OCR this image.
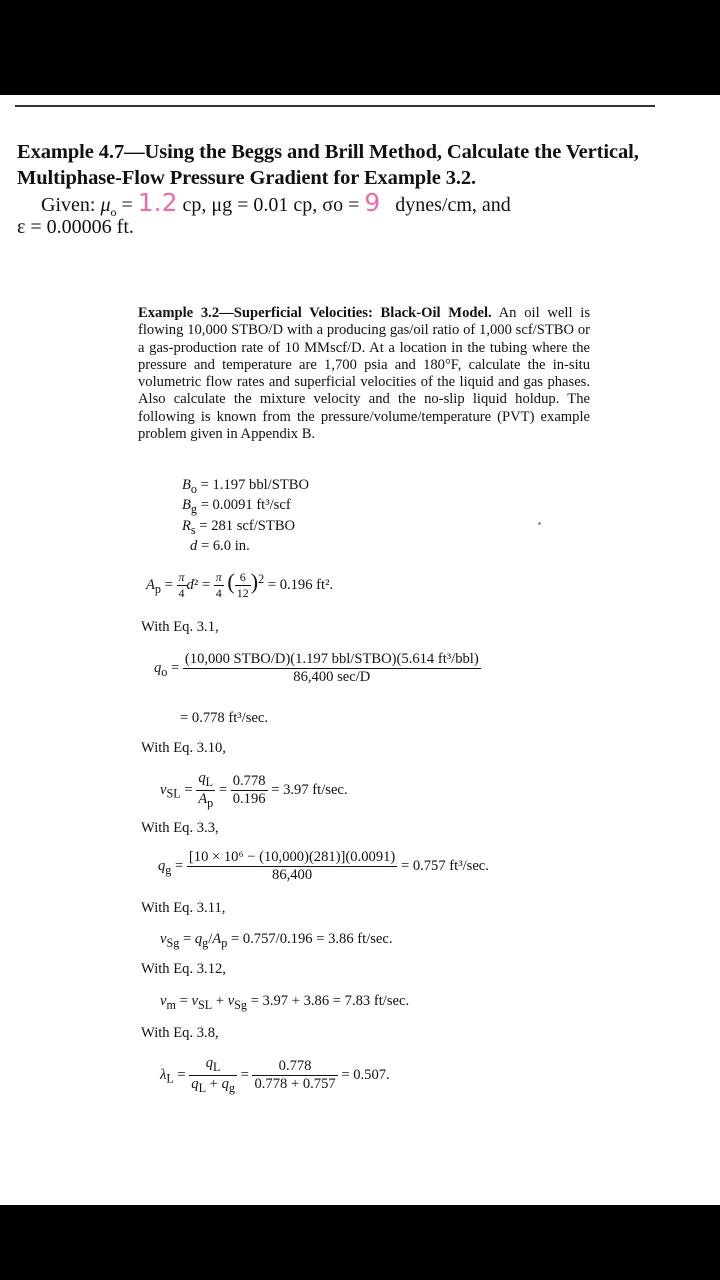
Example 4.7—Using the Beggs and Brill Method, Calculate the Vertical, Multiphase-Flow Pressure Gradient for Example 3.2.
Given: $\mu_o = 1.2$ cp, μg = 0.01 cp, σo = 9 dynes/cm, and
ε = 0.00006 ft.
Example 3.2—Superficial Velocities: Black-Oil Model. An oil well is flowing 10,000 STBO/D with a producing gas/oil ratio of 1,000 scf/STBO or a gas-production rate of 10 MMscf/D. At a location in the tubing where the pressure and temperature are 1,700 psia and 180°F, calculate the in-situ volumetric flow rates and superficial velocities of the liquid and gas phases. Also calculate the mixture velocity and the no-slip liquid holdup. The following is known from the pressure/volume/temperature (PVT) example problem given in Appendix B.
$B_o = 1.197$ bbl/STBO
$B_g = 0.0091$ ft³/scf
$R_s = 281$ scf/STBO
d = 6.0 in.
$A_p = \frac{\pi}{4} d^2 = \frac{\pi}{4}$ ( $\frac{6}{12} )^2 = 0.196$ ft².
With Eq. 3.1,
$q_o = \frac{\text{(10,000 STBO/D)(1.197 bbl/STBO)(5.614 ft³/bbl)}}{86,400 \sec/D}$
= 0.778 ft³/sec.
With Eq. 3.10,
$v_{SL} = \frac{q_L}{A_p} = \frac{0.778}{0.196} = 3.97$ ft/sec.
With Eq. 3.3,
$q_g = \frac{\text{[10 × 10⁶ − (10,000)(281)](0.0091)}}{86,400} = 0.757$ ft³/sec.
With Eq. 3.11,
$v_{Sg} = q_g/A_p = 0.757/0.196 = 3.86$ ft/sec.
With Eq. 3.12,
$v_m = v_{SL} + v_{Sg} = 3.97 + 3.86 = 7.83$ ft/sec.
With Eq. 3.8,
$\lambda_L = \frac{q_L}{q_L + q_g} = \frac{0.778}{0.778 + 0.757} = 0.507$.
